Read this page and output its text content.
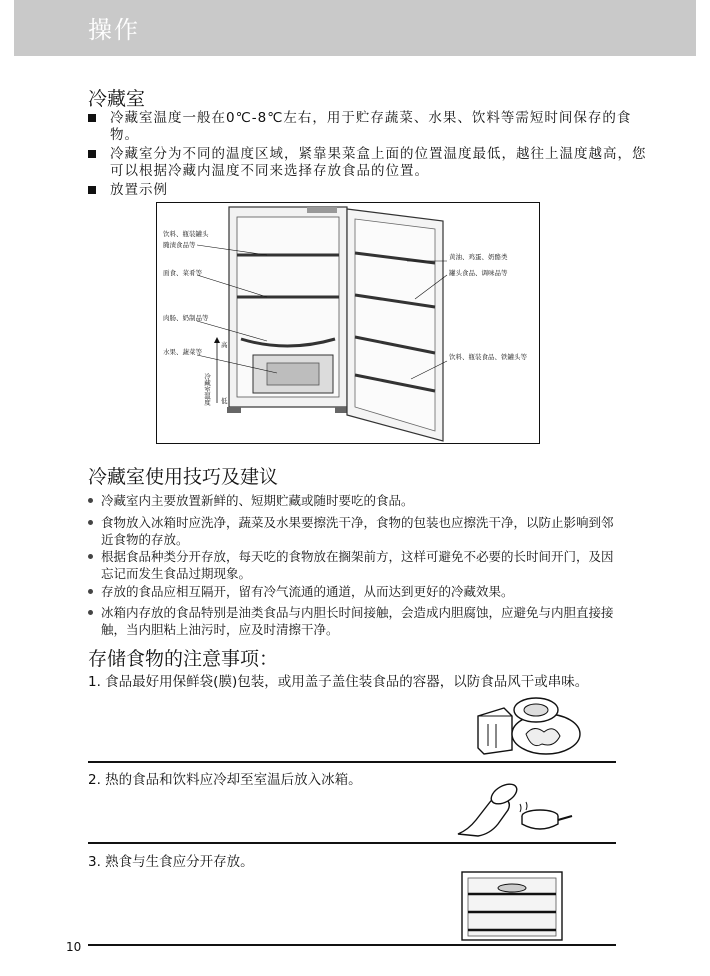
操作
冷藏室
冷藏室温度一般在0℃-8℃左右，用于贮存蔬菜、水果、饮料等需短时间保存的食物。
冷藏室分为不同的温度区域，紧靠果菜盒上面的位置温度最低，越往上温度越高，您可以根据冷藏内温度不同来选择存放食品的位置。
放置示例
饮料、瓶装罐头
腌渍食品等
面食、菜肴等
肉肠、奶制品等
水果、蔬菜等
黄油、鸡蛋、奶酪类
罐头食品、调味品等
饮料、瓶装食品、铁罐头等
高
低
冷藏室温度
冷藏室使用技巧及建议
冷藏室内主要放置新鲜的、短期贮藏或随时要吃的食品。
食物放入冰箱时应洗净，蔬菜及水果要擦洗干净，食物的包装也应擦洗干净，以防止影响到邻近食物的存放。
根据食品种类分开存放，每天吃的食物放在搁架前方，这样可避免不必要的长时间开门，及因忘记而发生食品过期现象。
存放的食品应相互隔开，留有冷气流通的通道，从而达到更好的冷藏效果。
冰箱内存放的食品特别是油类食品与内胆长时间接触，会造成内胆腐蚀，应避免与内胆直接接触，当内胆粘上油污时，应及时清擦干净。
存储食物的注意事项：
1. 食品最好用保鲜袋(膜)包装，或用盖子盖住装食品的容器，以防食品风干或串味。
2. 热的食品和饮料应冷却至室温后放入冰箱。
3. 熟食与生食应分开存放。
10
